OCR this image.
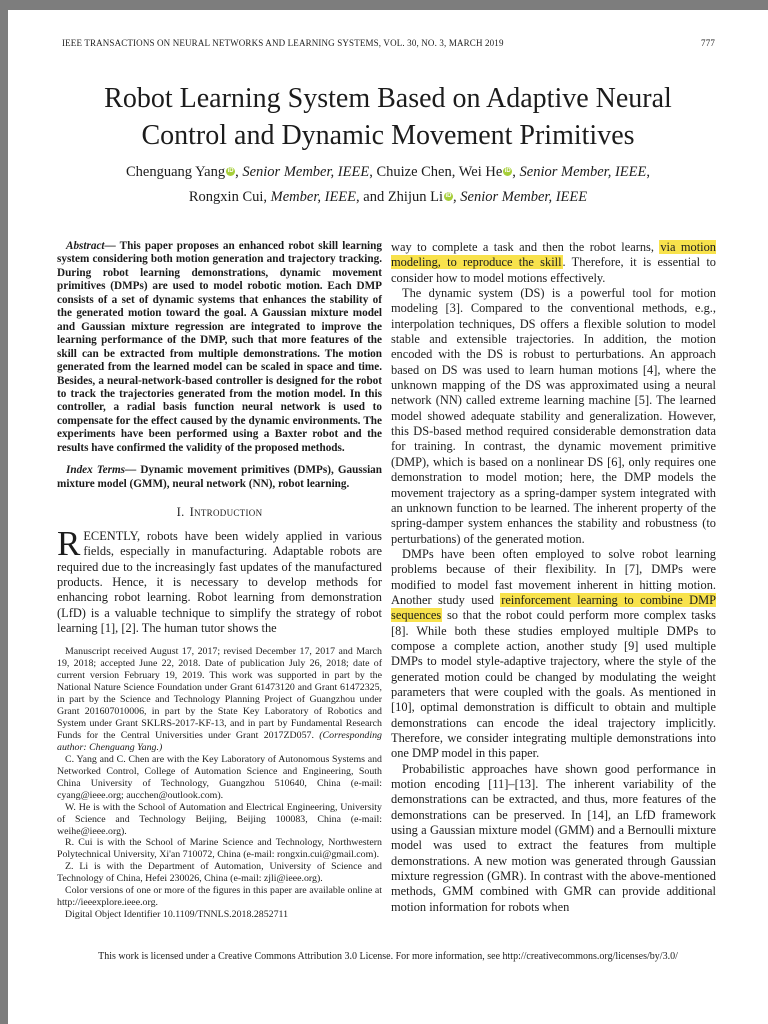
IEEE TRANSACTIONS ON NEURAL NETWORKS AND LEARNING SYSTEMS, VOL. 30, NO. 3, MARCH 2019	777
Robot Learning System Based on Adaptive Neural Control and Dynamic Movement Primitives
Chenguang Yang iD , Senior Member, IEEE, Chuize Chen, Wei He iD , Senior Member, IEEE,
Rongxin Cui, Member, IEEE, and Zhijun Li iD , Senior Member, IEEE

Abstract— This paper proposes an enhanced robot skill learning system considering both motion generation and trajectory tracking. During robot learning demonstrations, dynamic movement primitives (DMPs) are used to model robotic motion. Each DMP consists of a set of dynamic systems that enhances the stability of the generated motion toward the goal. A Gaussian mixture model and Gaussian mixture regression are integrated to improve the learning performance of the DMP, such that more features of the skill can be extracted from multiple demonstrations. The motion generated from the learned model can be scaled in space and time. Besides, a neural-network-based controller is designed for the robot to track the trajectories generated from the motion model. In this controller, a radial basis function neural network is used to compensate for the effect caused by the dynamic environments. The experiments have been performed using a Baxter robot and the results have confirmed the validity of the proposed methods.

Index Terms— Dynamic movement primitives (DMPs), Gaussian mixture model (GMM), neural network (NN), robot learning.

I. Introduction

RECENTLY, robots have been widely applied in various fields, especially in manufacturing. Adaptable robots are required due to the increasingly fast updates of the manufactured products. Hence, it is necessary to develop methods for enhancing robot learning. Robot learning from demonstration (LfD) is a valuable technique to simplify the strategy of robot learning [1], [2]. The human tutor shows the

Manuscript received August 17, 2017; revised December 17, 2017 and March 19, 2018; accepted June 22, 2018. Date of publication July 26, 2018; date of current version February 19, 2019. This work was supported in part by the National Nature Science Foundation under Grant 61473120 and Grant 61472325, in part by the Science and Technology Planning Project of Guangzhou under Grant 201607010006, in part by the State Key Laboratory of Robotics and System under Grant SKLRS-2017-KF-13, and in part by Fundamental Research Funds for the Central Universities under Grant 2017ZD057. (Corresponding author: Chenguang Yang.)

C. Yang and C. Chen are with the Key Laboratory of Autonomous Systems and Networked Control, College of Automation Science and Engineering, South China University of Technology, Guangzhou 510640, China (e-mail: cyang@ieee.org; aucchen@outlook.com).

W. He is with the School of Automation and Electrical Engineering, University of Science and Technology Beijing, Beijing 100083, China (e-mail: weihe@ieee.org).

R. Cui is with the School of Marine Science and Technology, Northwestern Polytechnical University, Xi'an 710072, China (e-mail: rongxin.cui@gmail.com).

Z. Li is with the Department of Automation, University of Science and Technology of China, Hefei 230026, China (e-mail: zjli@ieee.org).

Color versions of one or more of the figures in this paper are available online at http://ieeexplore.ieee.org.

Digital Object Identifier 10.1109/TNNLS.2018.2852711

way to complete a task and then the robot learns, via motion modeling, to reproduce the skill. Therefore, it is essential to consider how to model motions effectively.

The dynamic system (DS) is a powerful tool for motion modeling [3]. Compared to the conventional methods, e.g., interpolation techniques, DS offers a flexible solution to model stable and extensible trajectories. In addition, the motion encoded with the DS is robust to perturbations. An approach based on DS was used to learn human motions [4], where the unknown mapping of the DS was approximated using a neural network (NN) called extreme learning machine [5]. The learned model showed adequate stability and generalization. However, this DS-based method required considerable demonstration data for training. In contrast, the dynamic movement primitive (DMP), which is based on a nonlinear DS [6], only requires one demonstration to model motion; here, the DMP models the movement trajectory as a spring-damper system integrated with an unknown function to be learned. The inherent property of the spring-damper system enhances the stability and robustness (to perturbations) of the generated motion.

DMPs have been often employed to solve robot learning problems because of their flexibility. In [7], DMPs were modified to model fast movement inherent in hitting motion. Another study used reinforcement learning to combine DMP sequences so that the robot could perform more complex tasks [8]. While both these studies employed multiple DMPs to compose a complete action, another study [9] used multiple DMPs to model style-adaptive trajectory, where the style of the generated motion could be changed by modulating the weight parameters that were coupled with the goals. As mentioned in [10], optimal demonstration is difficult to obtain and multiple demonstrations can encode the ideal trajectory implicitly. Therefore, we consider integrating multiple demonstrations into one DMP model in this paper.

Probabilistic approaches have shown good performance in motion encoding [11]–[13]. The inherent variability of the demonstrations can be extracted, and thus, more features of the demonstrations can be preserved. In [14], an LfD framework using a Gaussian mixture model (GMM) and a Bernoulli mixture model was used to extract the features from multiple demonstrations. A new motion was generated through Gaussian mixture regression (GMR). In contrast with the above-mentioned methods, GMM combined with GMR can provide additional motion information for robots when

This work is licensed under a Creative Commons Attribution 3.0 License. For more information, see http://creativecommons.org/licenses/by/3.0/
